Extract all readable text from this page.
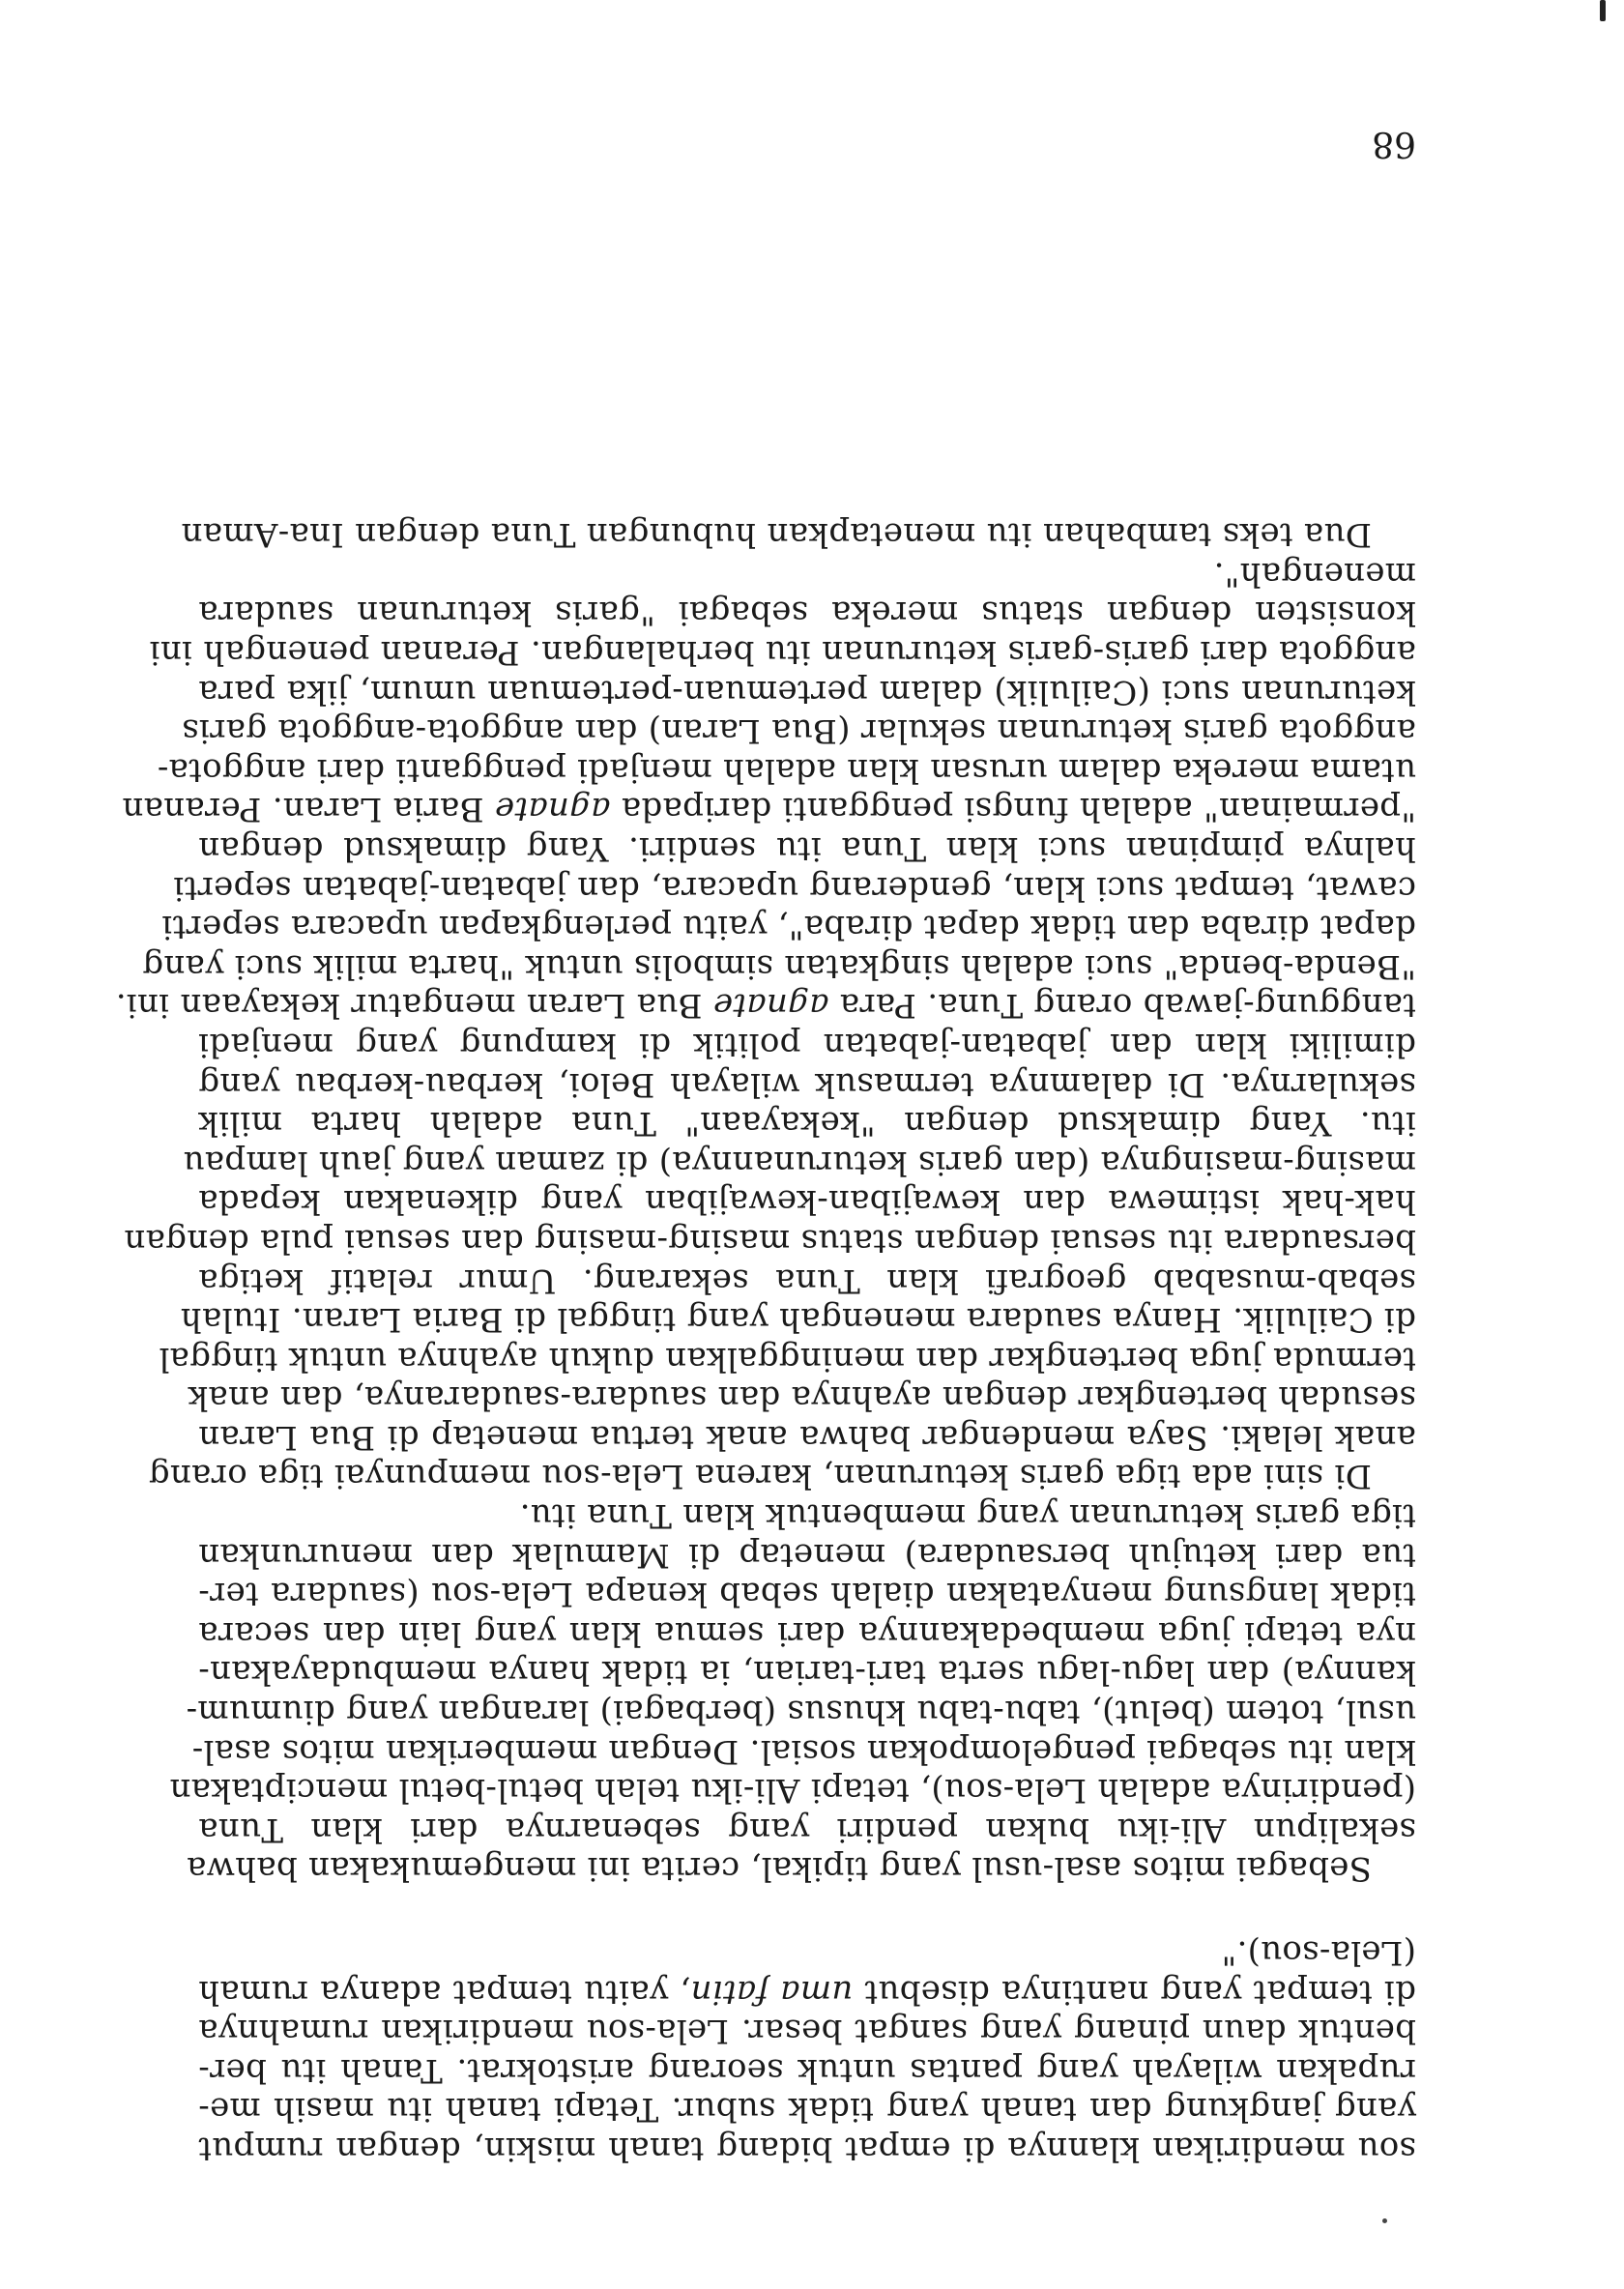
sou mendirikan klannya di empat bidang tanah miskin, dengan rumput
yang jangkung dan tanah yang tidak subur. Tetapi tanah itu masih me-
rupakan wilayah yang pantas untuk seorang aristokrat. Tanah itu ber-
bentuk daun pinang yang sangat besar. Lela-sou mendirikan rumahnya
di tempat yang nantinya disebut uma fatin, yaitu tempat adanya rumah
(Lela-sou)."
Sebagai mitos asal-usul yang tipikal, cerita ini mengemukakan bahwa
sekalipun Ali-iku bukan pendiri yang sebenarnya dari klan Tuna
(pendirinya adalah Lela-sou), tetapi Ali-iku telah betul-betul menciptakan
klan itu sebagai pengelompokan sosial. Dengan memberikan mitos asal-
usul, totem (belut), tabu-tabu khusus (berbagai) larangan yang diumum-
kannya) dan lagu-lagu serta tari-tarian, ia tidak hanya membudayakan-
nya tetapi juga membedakannya dari semua klan yang lain dan secara
tidak langsung menyatakan dialah sebab kenapa Lela-sou (saudara ter-
tua dari ketujuh bersaudara) menetap di Mamulak dan menurunkan
tiga garis keturunan yang membentuk klan Tuna itu.
Di sini ada tiga garis keturunan, karena Lela-sou mempunyai tiga orang
anak lelaki. Saya mendengar bahwa anak tertua menetap di Bua Laran
sesudah bertengkar dengan ayahnya dan saudara-saudaranya, dan anak
termuda juga bertengkar dan meninggalkan dukuh ayahnya untuk tinggal
di Cailulik. Hanya saudara menengah yang tinggal di Baria Laran. Itulah
sebab-musabab geografi klan Tuna sekarang. Umur relatif ketiga
bersaudara itu sesuai dengan status masing-masing dan sesuai pula dengan
hak-hak istimewa dan kewajiban-kewajiban yang dikenakan kepada
masing-masingnya (dan garis keturunannya) di zaman yang jauh lampau
itu. Yang dimaksud dengan "kekayaan" Tuna adalah harta milik
sekularnya. Di dalamnya termasuk wilayah Beloi, kerbau-kerbau yang
dimiliki klan dan jabatan-jabatan politik di kampung yang menjadi
tanggung-jawab orang Tuna. Para agnate Bua Laran mengatur kekayaan ini.
"Benda-benda" suci adalah singkatan simbolis untuk "harta milik suci yang
dapat diraba dan tidak dapat diraba", yaitu perlengkapan upacara seperti
cawat, tempat suci klan, genderang upacara, dan jabatan-jabatan seperti
halnya pimpinan suci klan Tuna itu sendiri. Yang dimaksud dengan
"permainan" adalah fungsi pengganti daripada agnate Baria Laran. Peranan
utama mereka dalam urusan klan adalah menjadi pengganti dari anggota-
anggota garis keturunan sekular (Bua Laran) dan anggota-anggota garis
keturunan suci (Cailulik) dalam pertemuan-pertemuan umum, jika para
anggota dari garis-garis keturunan itu berhalangan. Peranan penengah ini
konsisten dengan status mereka sebagai "garis keturunan saudara
menengah".
Dua teks tambahan itu menetapkan hubungan Tuna dengan Ina-Aman
68
